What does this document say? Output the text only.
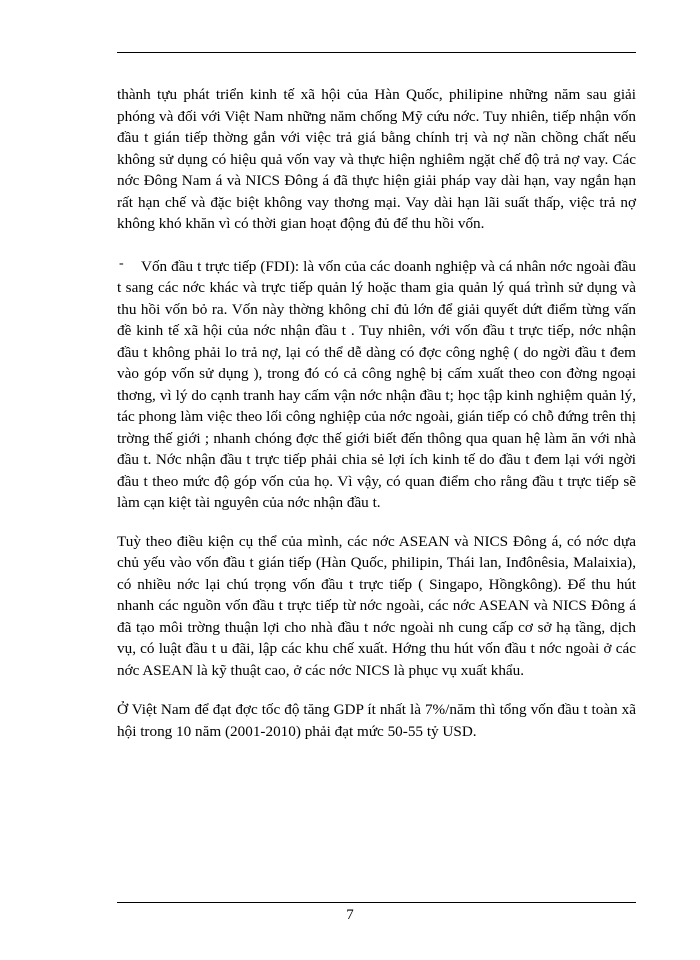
thành tựu phát triển kinh tế xã hội của Hàn Quốc, philipine những năm sau giải phóng và đối với Việt Nam những năm chống Mỹ cứu nớc. Tuy nhiên, tiếp nhận vốn đầu t gián tiếp thờng gắn với việc trả giá bằng chính trị và nợ nần chồng chất nếu không sử dụng có hiệu quả vốn vay và thực hiện nghiêm ngặt chế độ trả nợ vay. Các nớc Đông Nam á và NICS Đông á đã thực hiện giải pháp vay dài hạn, vay ngắn hạn rất hạn chế và đặc biệt không vay thơng mại. Vay dài hạn lãi suất thấp, việc trả nợ không khó khăn vì có thời gian hoạt động đủ để thu hồi vốn.

-	Vốn đầu t trực tiếp (FDI): là vốn của các doanh nghiệp và cá nhân nớc ngoài đầu t sang các nớc khác và trực tiếp quản lý hoặc tham gia quản lý quá trình sử dụng và thu hồi vốn bỏ ra. Vốn này thờng không chỉ đủ lớn để giải quyết dứt điểm từng vấn đề kinh tế xã hội của nớc nhận đầu t . Tuy nhiên, với vốn đầu t trực tiếp, nớc nhận đầu t không phải lo trả nợ, lại có thể dễ dàng có đợc công nghệ ( do ngời đầu t đem vào góp vốn sử dụng ), trong đó có cả công nghệ bị cấm xuất theo con đờng ngoại thơng, vì lý do cạnh tranh hay cấm vận nớc nhận đầu t; học tập kinh nghiệm quản lý, tác phong làm việc theo lối công nghiệp của nớc ngoài, gián tiếp có chỗ đứng trên thị trờng thế giới ; nhanh chóng đợc thế giới biết đến thông qua quan hệ làm ăn với nhà đầu t. Nớc nhận đầu t trực tiếp phải chia sẻ lợi ích kinh tế do đầu t đem lại với ngời đầu t theo mức độ góp vốn của họ. Vì vậy, có quan điểm cho rằng đầu t trực tiếp sẽ làm cạn kiệt tài nguyên của nớc nhận đầu t.

Tuỳ theo điều kiện cụ thể của mình, các nớc ASEAN và NICS Đông á, có nớc dựa chủ yếu vào vốn đầu t gián tiếp (Hàn Quốc, philipin, Thái lan, Inđônêsia, Malaixia), có nhiều nớc lại chú trọng vốn đầu t trực tiếp ( Singapo, Hồngkông). Để thu hút nhanh các nguồn vốn đầu t trực tiếp từ nớc ngoài, các nớc ASEAN và NICS Đông á đã tạo môi trờng thuận lợi cho nhà đầu t nớc ngoài nh cung cấp cơ sở hạ tầng, dịch vụ, có luật đầu t u đãi, lập các khu chế xuất. Hớng thu hút vốn đầu t nớc ngoài ở các nớc ASEAN là kỹ thuật cao, ở các nớc NICS là phục vụ xuất khẩu.

Ở Việt Nam để đạt đợc tốc độ tăng GDP ít nhất là 7%/năm thì tổng vốn đầu t toàn xã hội trong 10 năm (2001-2010) phải đạt mức 50-55 tỷ USD.

7
